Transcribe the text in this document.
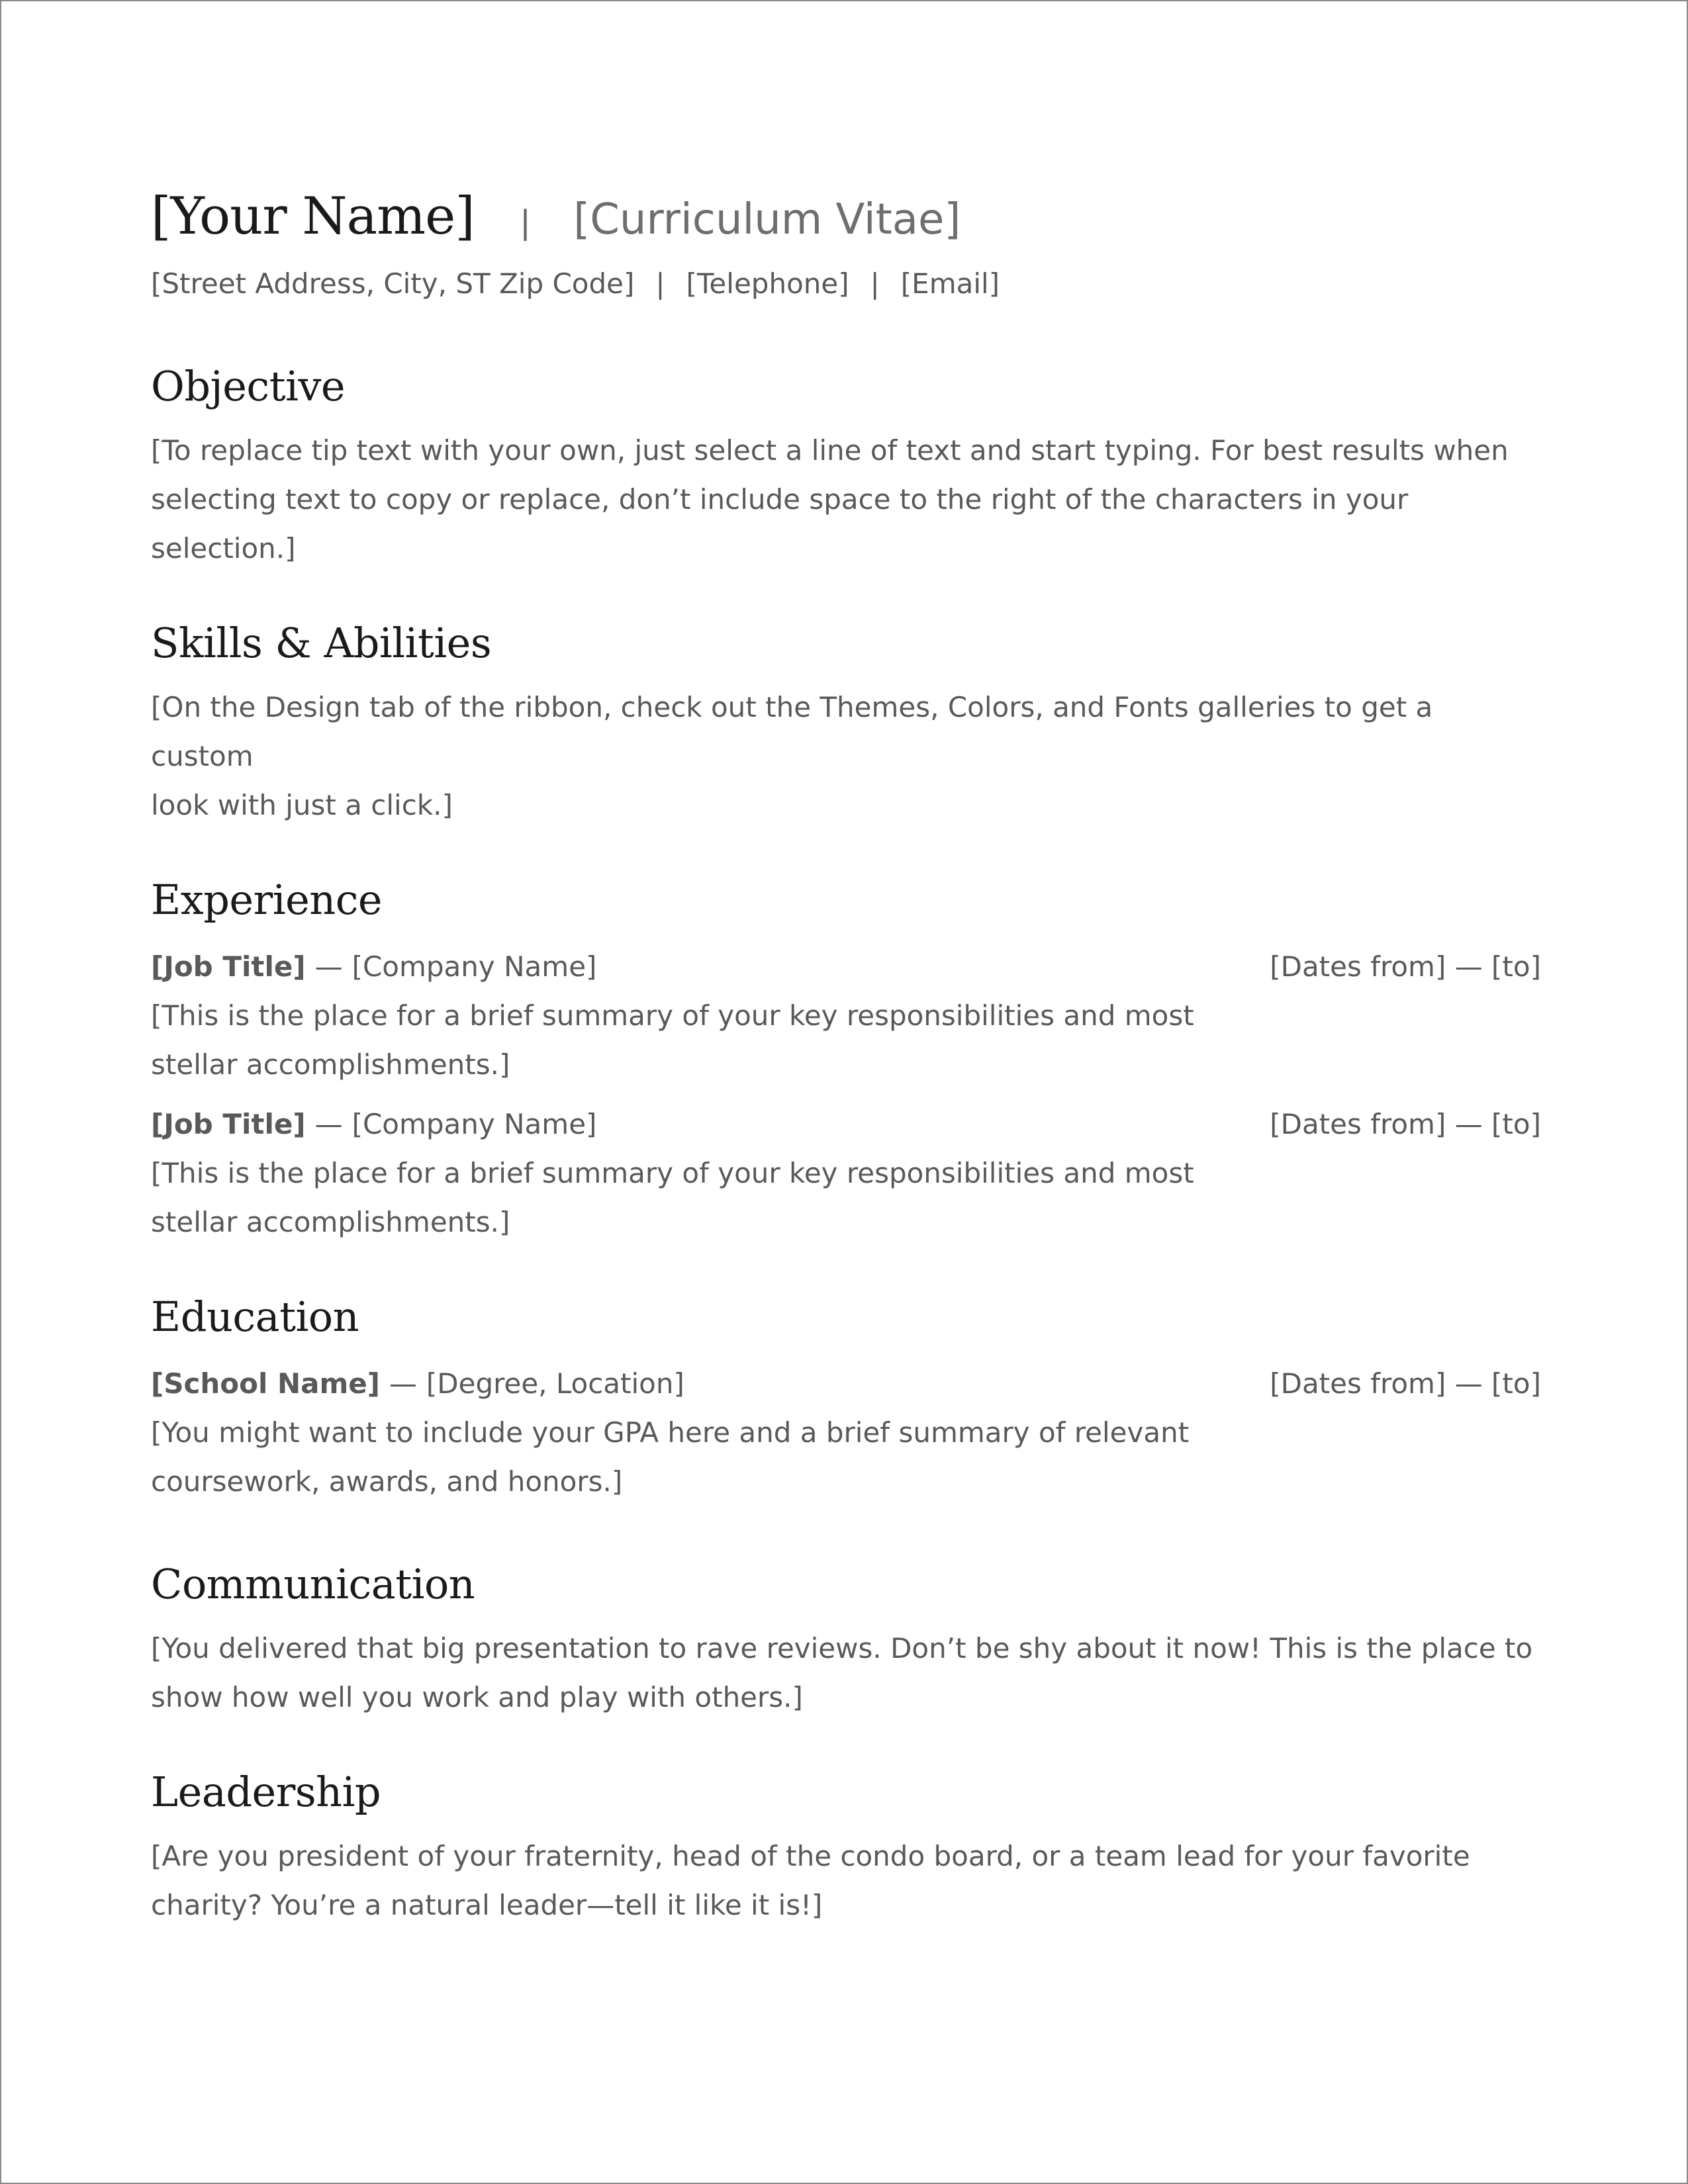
[Your Name] | [Curriculum Vitae]
[Street Address, City, ST Zip Code] | [Telephone] | [Email]
Objective

[To replace tip text with your own, just select a line of text and start typing. For best results when

selecting text to copy or replace, don’t include space to the right of the characters in your

selection.]

Skills & Abilities

[On the Design tab of the ribbon, check out the Themes, Colors, and Fonts galleries to get a custom

look with just a click.]

Experience
[Job Title] — [Company Name]	[Dates from] — [to]

[This is the place for a brief summary of your key responsibilities and most

stellar accomplishments.]

[Job Title] — [Company Name]	[Dates from] — [to]

[This is the place for a brief summary of your key responsibilities and most

stellar accomplishments.]

Education
[School Name] — [Degree, Location]	[Dates from] — [to]

[You might want to include your GPA here and a brief summary of relevant

coursework, awards, and honors.]

Communication

[You delivered that big presentation to rave reviews. Don’t be shy about it now! This is the place to

show how well you work and play with others.]

Leadership

[Are you president of your fraternity, head of the condo board, or a team lead for your favorite

charity? You’re a natural leader—tell it like it is!]
